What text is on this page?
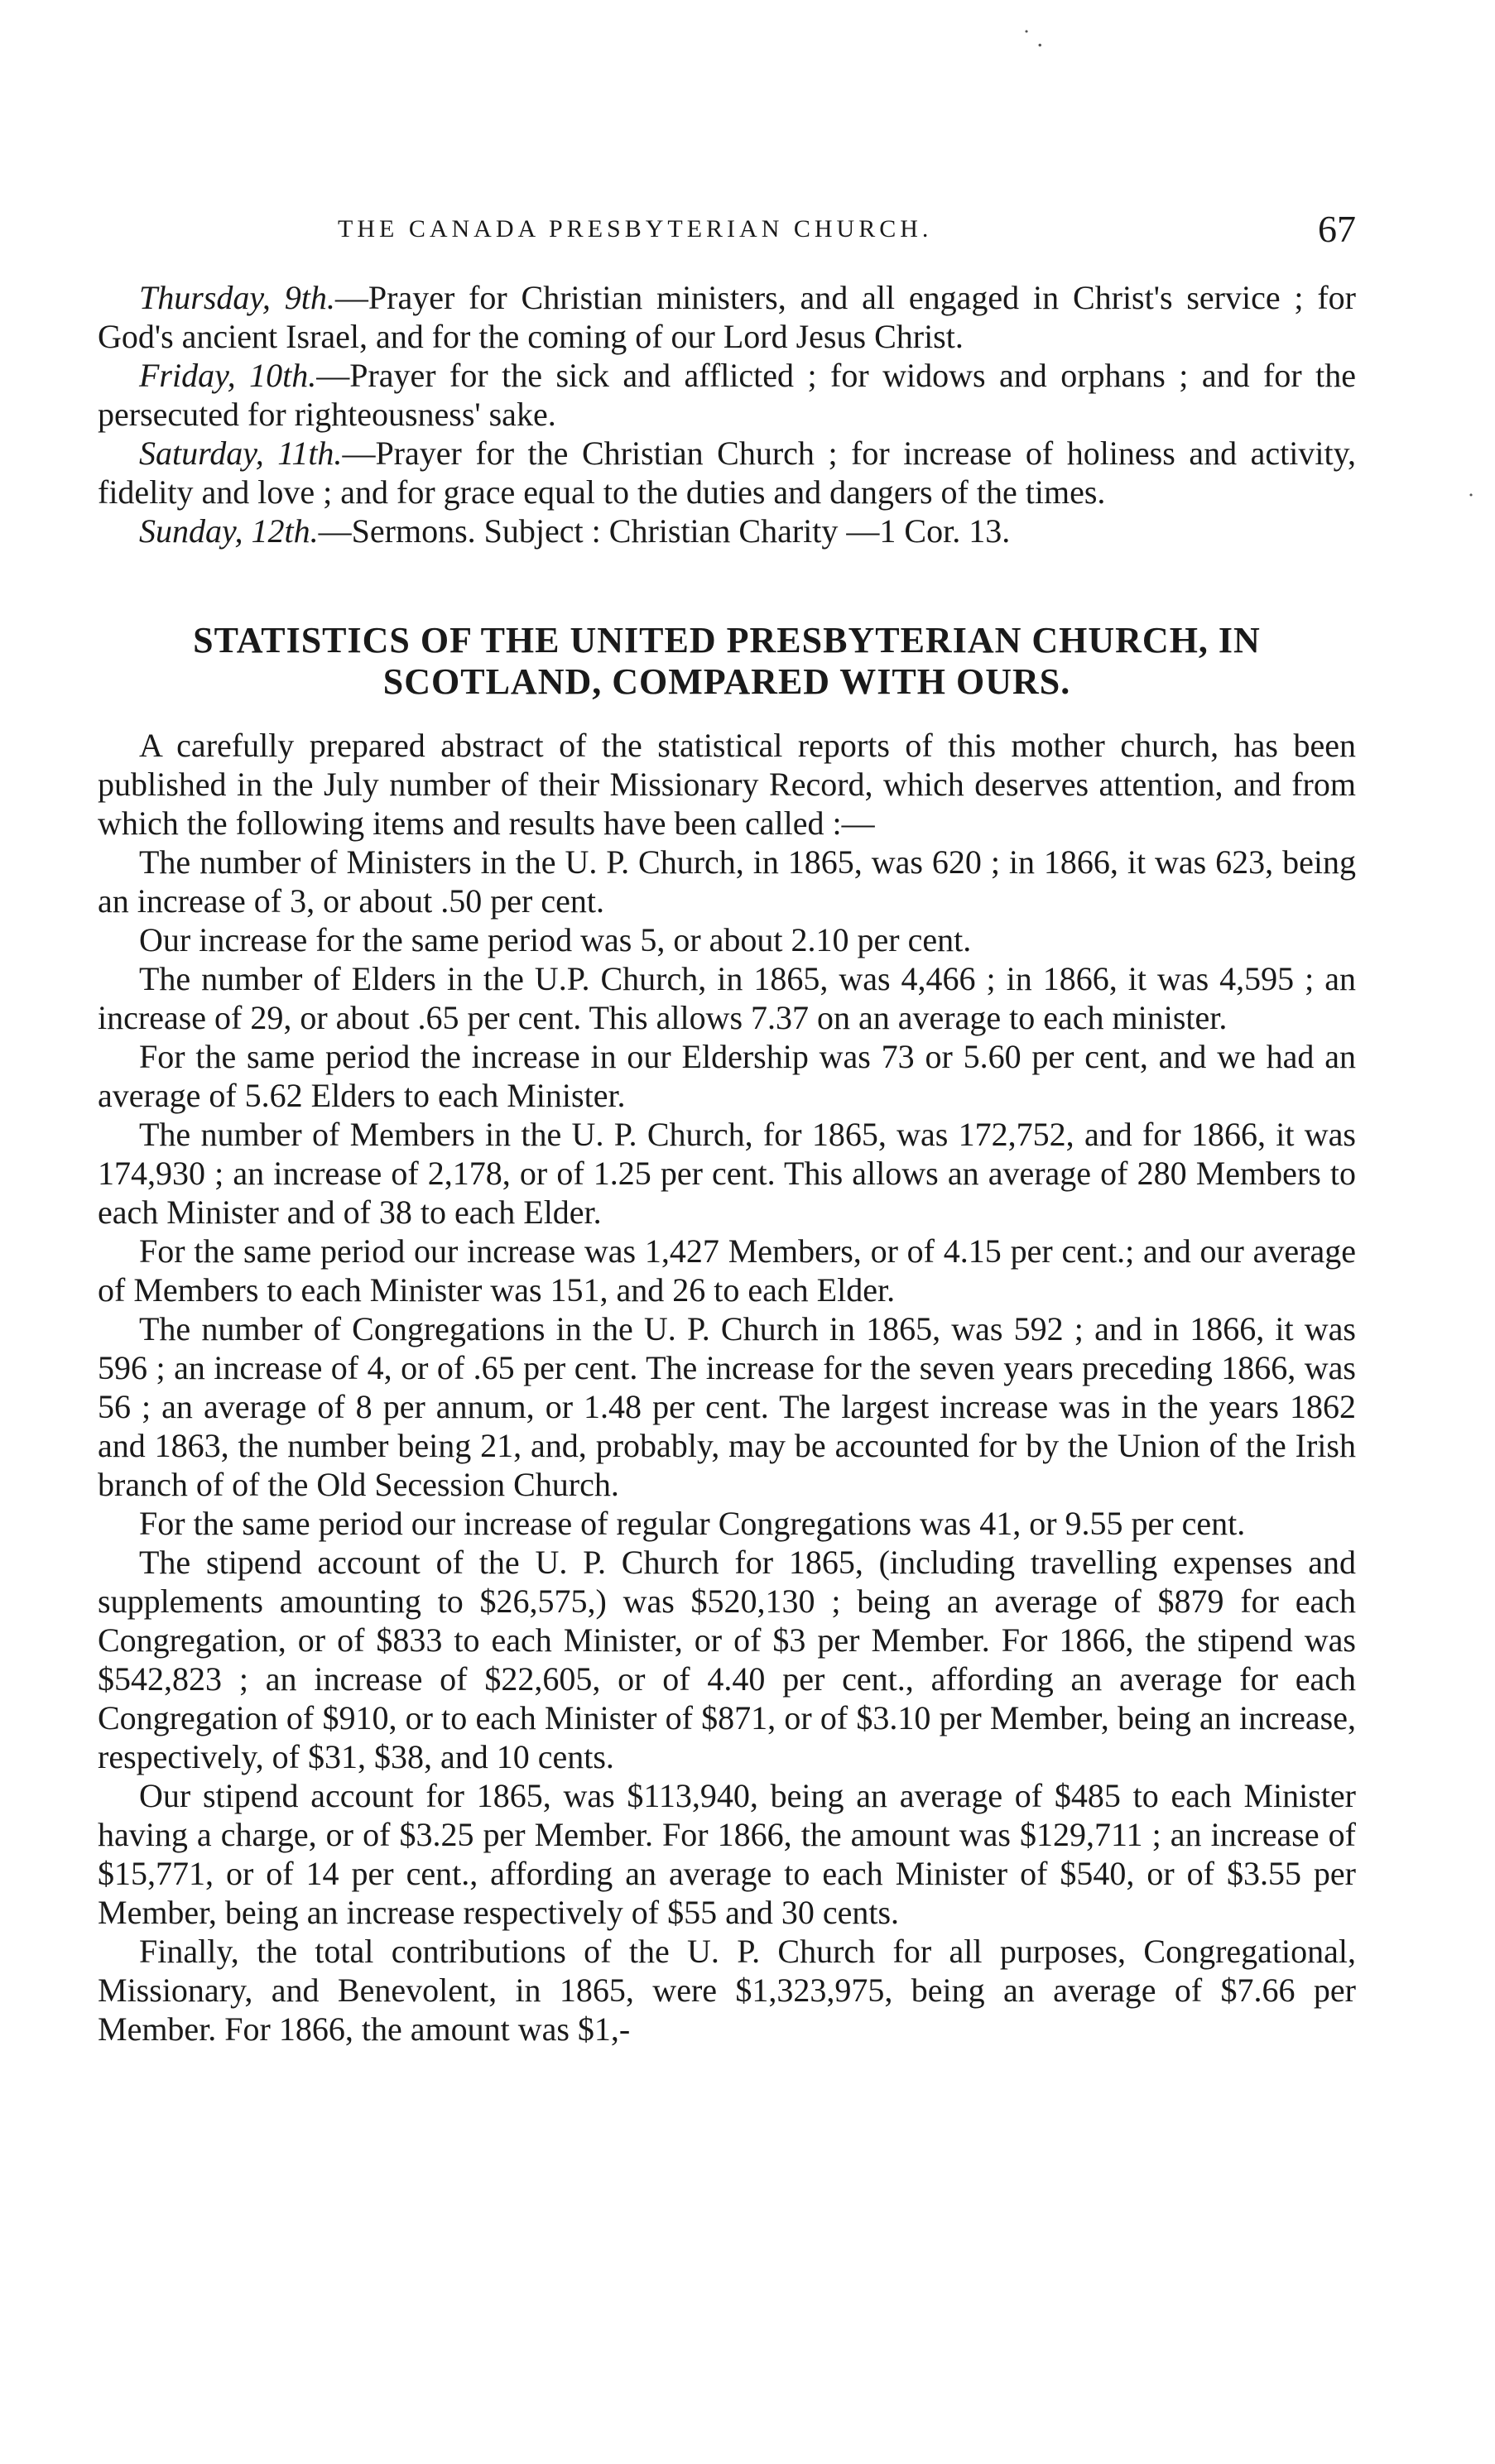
THE CANADA PRESBYTERIAN CHURCH.	67

Thursday, 9th.—Prayer for Christian ministers, and all engaged in Christ's service ; for God's ancient Israel, and for the coming of our Lord Jesus Christ.

Friday, 10th.—Prayer for the sick and afflicted ; for widows and orphans ; and for the persecuted for righteousness' sake.

Saturday, 11th.—Prayer for the Christian Church ; for increase of holiness and activity, fidelity and love ; and for grace equal to the duties and dangers of the times.

Sunday, 12th.—Sermons. Subject : Christian Charity —1 Cor. 13.

STATISTICS OF THE UNITED PRESBYTERIAN CHURCH, IN SCOTLAND, COMPARED WITH OURS.

A carefully prepared abstract of the statistical reports of this mother church, has been published in the July number of their Missionary Record, which deserves attention, and from which the following items and results have been called :—

The number of Ministers in the U. P. Church, in 1865, was 620 ; in 1866, it was 623, being an increase of 3, or about .50 per cent.

Our increase for the same period was 5, or about 2.10 per cent.

The number of Elders in the U.P. Church, in 1865, was 4,466 ; in 1866, it was 4,595 ; an increase of 29, or about .65 per cent. This allows 7.37 on an average to each minister.

For the same period the increase in our Eldership was 73 or 5.60 per cent, and we had an average of 5.62 Elders to each Minister.

The number of Members in the U. P. Church, for 1865, was 172,752, and for 1866, it was 174,930 ; an increase of 2,178, or of 1.25 per cent. This allows an average of 280 Members to each Minister and of 38 to each Elder.

For the same period our increase was 1,427 Members, or of 4.15 per cent.; and our average of Members to each Minister was 151, and 26 to each Elder.

The number of Congregations in the U. P. Church in 1865, was 592 ; and in 1866, it was 596 ; an increase of 4, or of .65 per cent. The increase for the seven years preceding 1866, was 56 ; an average of 8 per annum, or 1.48 per cent. The largest increase was in the years 1862 and 1863, the number being 21, and, probably, may be accounted for by the Union of the Irish branch of of the Old Secession Church.

For the same period our increase of regular Congregations was 41, or 9.55 per cent.

The stipend account of the U. P. Church for 1865, (including travelling expenses and supplements amounting to $26,575,) was $520,130 ; being an average of $879 for each Congregation, or of $833 to each Minister, or of $3 per Member. For 1866, the stipend was $542,823 ; an increase of $22,605, or of 4.40 per cent., affording an average for each Congregation of $910, or to each Minister of $871, or of $3.10 per Member, being an increase, respectively, of $31, $38, and 10 cents.

Our stipend account for 1865, was $113,940, being an average of $485 to each Minister having a charge, or of $3.25 per Member. For 1866, the amount was $129,711 ; an increase of $15,771, or of 14 per cent., affording an average to each Minister of $540, or of $3.55 per Member, being an increase respectively of $55 and 30 cents.

Finally, the total contributions of the U. P. Church for all purposes, Congregational, Missionary, and Benevolent, in 1865, were $1,323,975, being an average of $7.66 per Member. For 1866, the amount was $1,-

˙ .
˙
